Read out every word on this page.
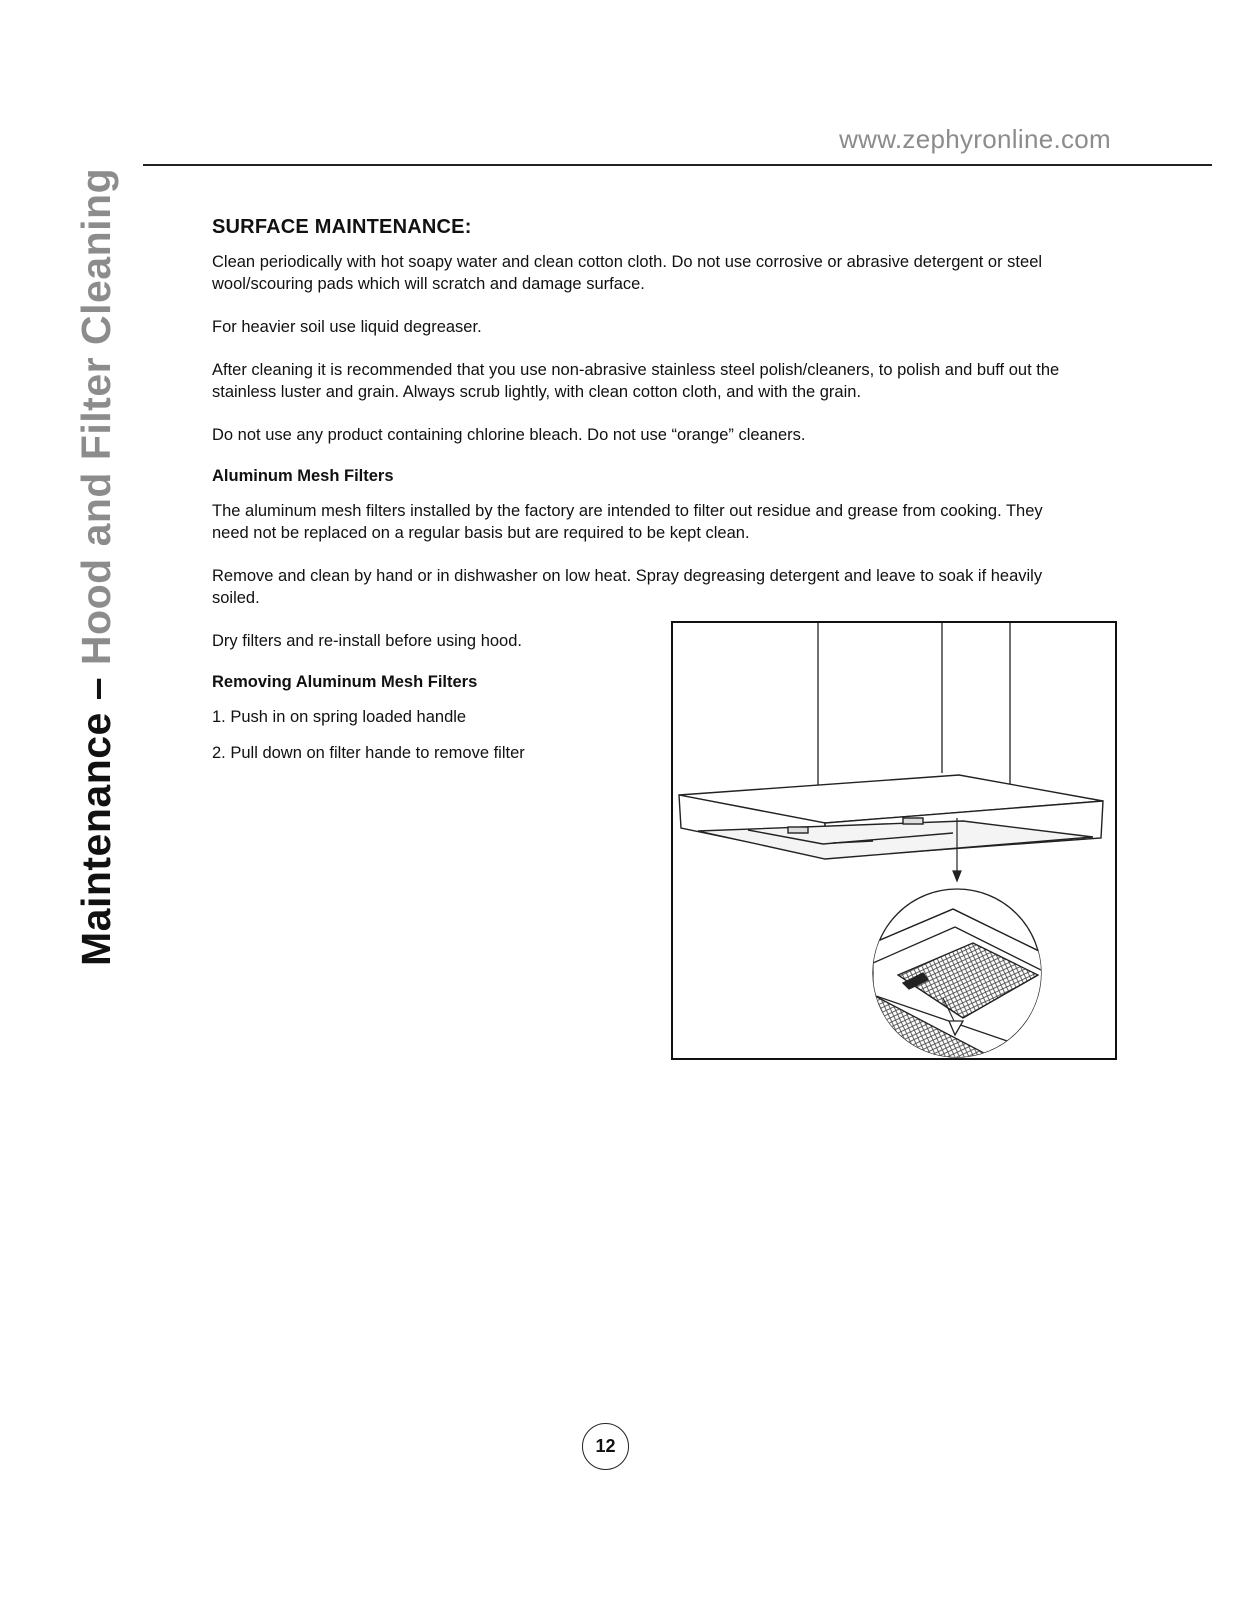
www.zephyronline.com
Maintenance – Hood and Filter Cleaning	SURFACE MAINTENANCE:

Clean periodically with hot soapy water and clean cotton cloth. Do not use corrosive or abrasive detergent or steel wool/scouring pads which will scratch and damage surface.

For heavier soil use liquid degreaser.

After cleaning it is recommended that you use non-abrasive stainless steel polish/cleaners, to polish and buff out the stainless luster and grain. Always scrub lightly, with clean cotton cloth, and with the grain.

Do not use any product containing chlorine bleach. Do not use “orange” cleaners.

Aluminum Mesh Filters

The aluminum mesh filters installed by the factory are intended to filter out residue and grease from cooking. They need not be replaced on a regular basis but are required to be kept clean.

Remove and clean by hand or in dishwasher on low heat. Spray degreasing detergent and leave to soak if heavily soiled.

Dry filters and re-install before using hood.

Removing Aluminum Mesh Filters

1. Push in on spring loaded handle

2. Pull down on filter hande to remove filter

12
